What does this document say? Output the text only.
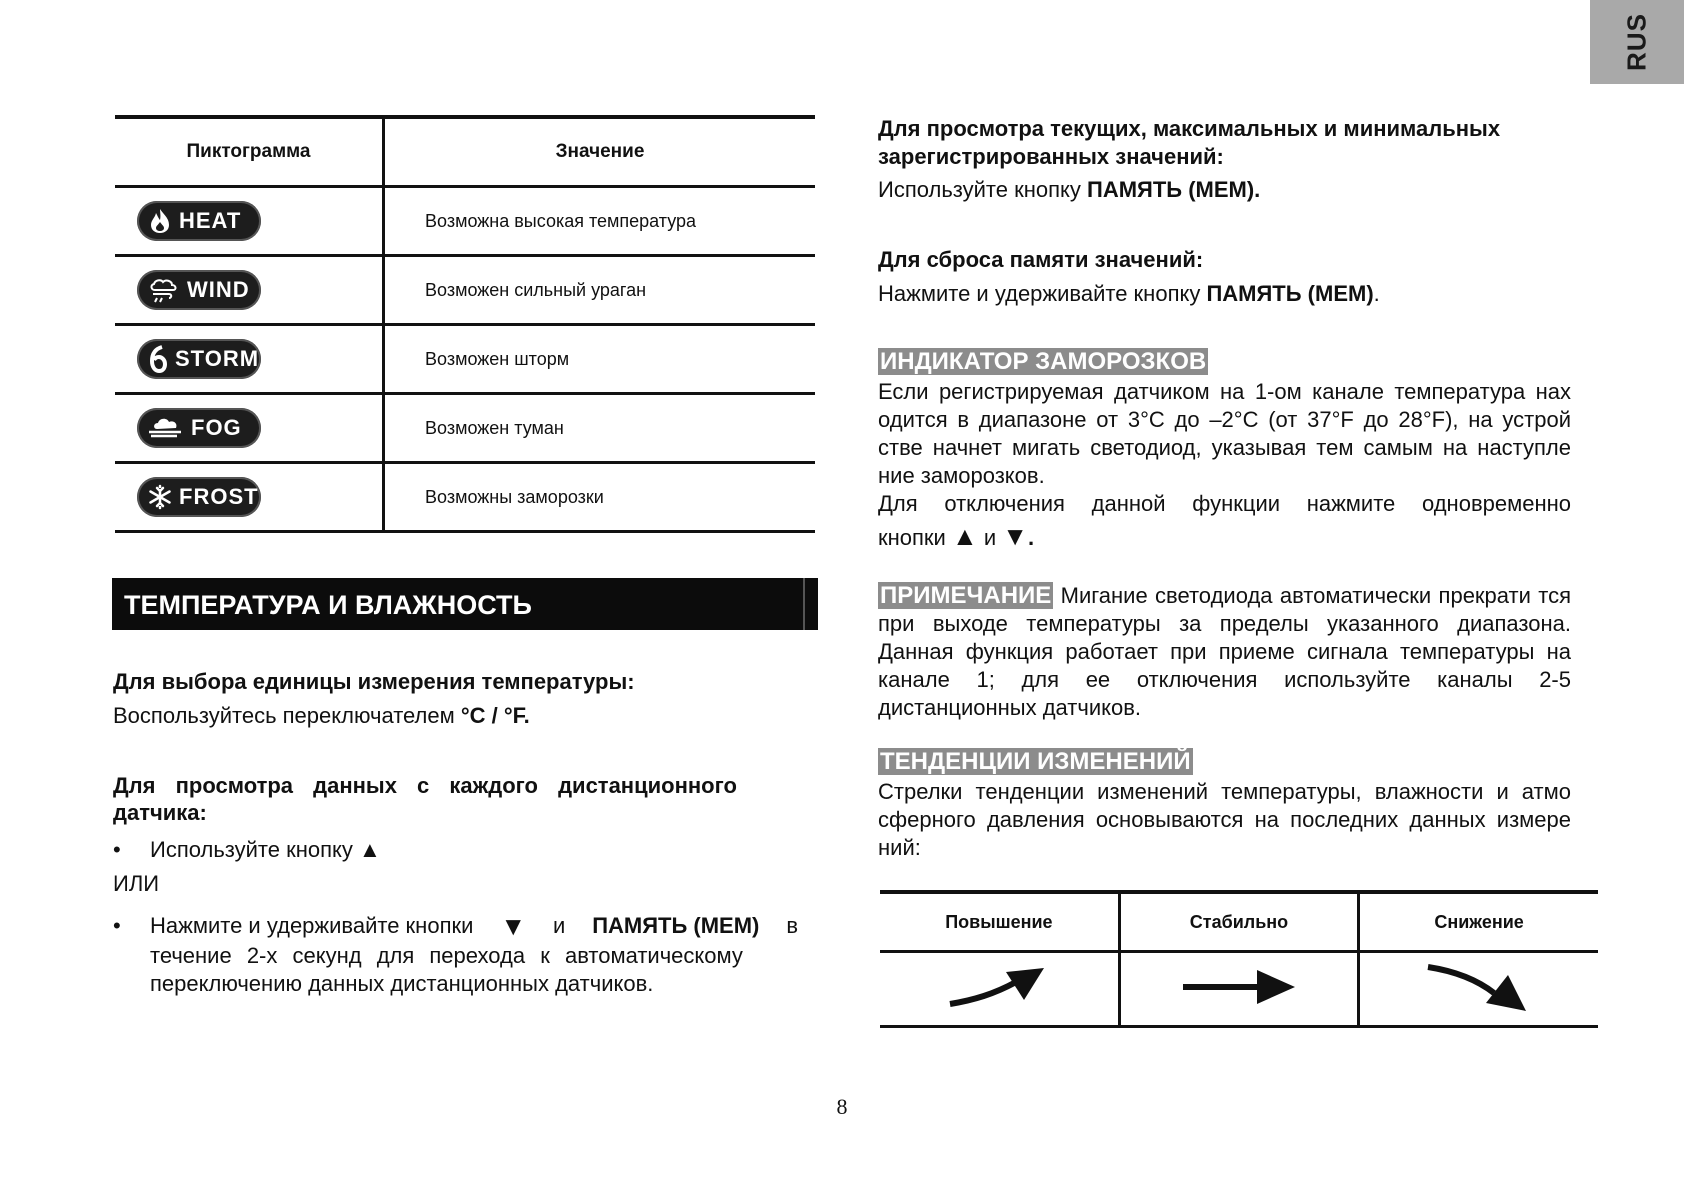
RUS
Пиктограмма	Значение

HEAT	Возможна высокая температура

WIND	Возможен сильный ураган

STORM	Возможен шторм

FOG	Возможен туман

FROST	Возможны заморозки
ТЕМПЕРАТУРА И ВЛАЖНОСТЬ
Для выбора единицы измерения температуры:
Воспользуйтесь переключателем °C / °F.
Для просмотра данных с каждого дистанционного
датчика:
• Используйте кнопку ▲
ИЛИ
• Нажмите и удерживайте кнопки ▼ и ПАМЯТЬ (MEM) в
течение 2-х секунд для перехода к автоматическому
переключению данных дистанционных датчиков.
Для просмотра текущих, максимальных и минимальных
зарегистрированных значений:
Используйте кнопку ПАМЯТЬ (MEM).
Для сброса памяти значений:
Нажмите и удерживайте кнопку ПАМЯТЬ (MEM).
ИНДИКАТОР ЗАМОРОЗКОВ
Если регистрируемая датчиком на 1-ом канале температура нах одится в диапазоне от 3°C до –2°C (от 37°F до 28°F), на устрой стве начнет мигать светодиод, указывая тем самым на наступле ние заморозков.
Для отключения данной функции нажмите одновременно
кнопки ▲ и ▼.
ПРИМЕЧАНИЕ Мигание светодиода автоматически прекрати тся при выходе температуры за пределы указанного диапазона. Данная функция работает при приеме сигнала температуры на канале 1; для ее отключения используйте каналы 2-5 дистанционных датчиков.
ТЕНДЕНЦИИ ИЗМЕНЕНИЙ
Стрелки тенденции изменений температуры, влажности и атмо сферного давления основываются на последних данных измере ний:
Повышение	Стабильно	Снижение

8
